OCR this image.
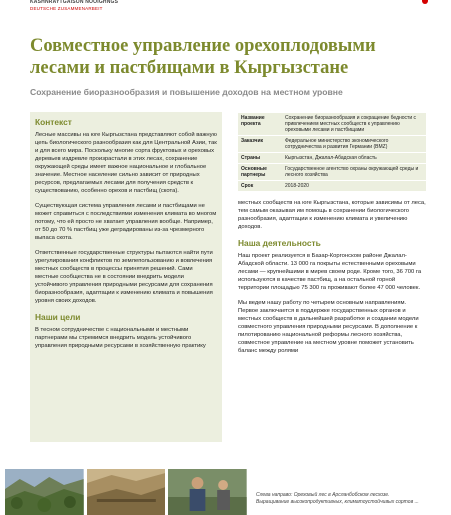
KASHNRAYTGAISON NOOIGHNGS
DEUTSCHE ZUSAMMENARBEIT
Совместное управление орехоплодовыми лесами и пастбищами в Кыргызстане
Сохранение биоразнообразия и повышение доходов на местном уровне
Контекст

Лесные массивы на юге Кыргызстана представляют собой важную цепь биологического разнообразия как для Центральной Азии, так и для всего мира. Поскольку многие сорта фруктовых и ореховых деревьев издревле произрастали в этих лесах, сохранение окружающей среды имеет важное национальное и глобальное значение. Местное население сильно зависит от природных ресурсов, предлагаемых лесами для получения средств к существованию, особенно орехов и пастбищ (скота).

Существующая система управления лесами и пастбищами не может справиться с последствиями изменения климата во многом потому, что ей просто не хватает управления вообще. Например, от 50 до 70 % пастбищ уже деградированы из-за чрезмерного выпаса скота.

Ответственные государственные структуры пытаются найти пути урегулирования конфликтов по землепользованию и вовлечения местных сообществ в процессы принятия решений. Сами местные сообщества не в состоянии внедрить модели устойчивого управления природными ресурсами для сохранения биоразнообразия, адаптации к изменению климата и повышения уровня своих доходов.

Наши цели

В тесном сотрудничестве с национальными и местными партнерами мы стремимся внедрить модель устойчивого управления природными ресурсами в хозяйственную практику

Название проекта	Сохранение биоразнообразия и сокращение бедности с привлечением местных сообществ к управлению ореховыми лесами и пастбищами
Заказчик	Федеральное министерство экономического сотрудничества и развития Германии (BMZ)
Страны	Кыргызстан, Джалал-Абадская область
Основные партнеры	Государственное агентство охраны окружающей среды и лесного хозяйства
Срок	2018-2020

местных сообществ на юге Кыргызстана, которые зависимы от леса, тем самым оказывая им помощь в сохранении биологического разнообразия, адаптации к изменению климата и увеличению доходов.

Наша деятельность

Наш проект реализуется в Базар-Коргонском районе Джалал-Абадской области. 13 000 га покрыты естественными ореховыми лесами — крупнейшими в мирев своем роде. Кроме того, 36 700 га используются в качестве пастбищ, а на остальной горной территории площадью 75 300 га проживают более 47 000 человек.

Мы ведем нашу работу по четырем основным направлениям. Первое заключается в поддержке государственных органов и местных сообществ в дальнейшей разработке и создании модели совместного управления природными ресурсами. В дополнение к пилотированию национальной реформы лесного хозяйства, совместное управление на местном уровне поможет установить баланс между ролями

Слева направо: Ореховый лес в Арсланбобском лесхозе.
Выращивание высокопродуктивных, климатоустойчивых сортов ...
